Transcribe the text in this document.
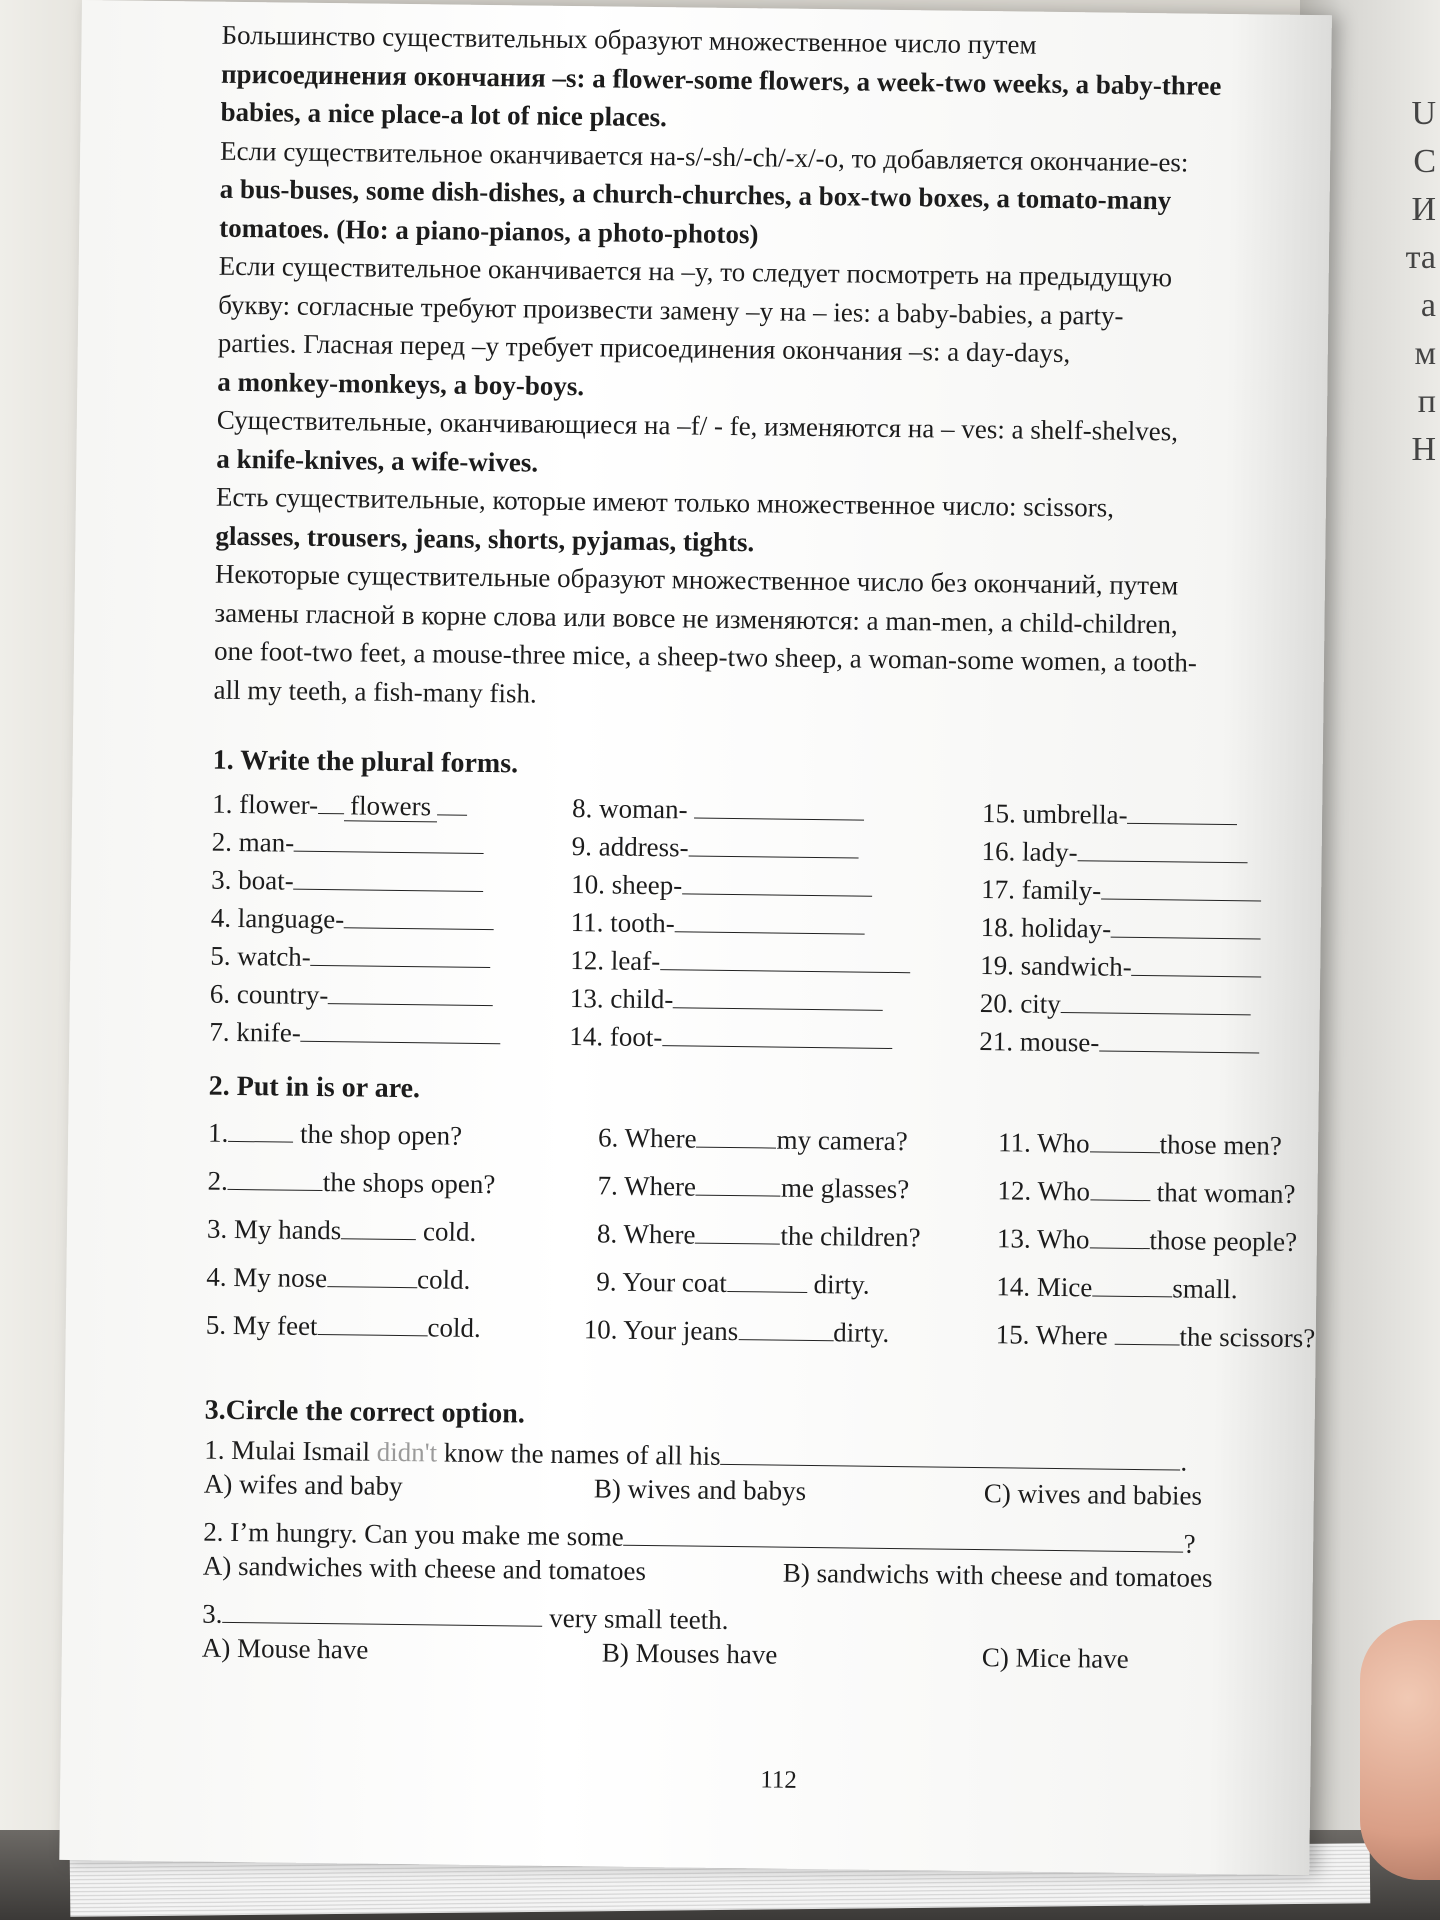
U
С
И
та
а
м
п
Н
Большинство существительных образуют множественное число путем
присоединения окончания –s: a flower-some flowers, a week-two weeks, a baby-three
babies, a nice place-a lot of nice places.
Если существительное оканчивается на-s/-sh/-ch/-x/-o, то добавляется окончание-es:
a bus-buses, some dish-dishes, a church-churches, a box-two boxes, a tomato-many
tomatoes. (Но: a piano-pianos, a photo-photos)
Если существительное оканчивается на –y, то следует посмотреть на предыдущую
букву: согласные требуют произвести замену –y на – ies: a baby-babies, a party-
parties. Гласная перед –y требует присоединения окончания –s: a day-days,
a monkey-monkeys, a boy-boys.
Существительные, оканчивающиеся на –f/ - fe, изменяются на – ves: a shelf-shelves,
a knife-knives, a wife-wives.
Есть существительные, которые имеют только множественное число: scissors,
glasses, trousers, jeans, shorts, pyjamas, tights.
Некоторые существительные образуют множественное число без окончаний, путем
замены гласной в корне слова или вовсе не изменяются: a man-men, a child-children,
one foot-two feet, a mouse-three mice, a sheep-two sheep, a woman-some women, a tooth-
all my teeth, a fish-many fish.
1. Write the plural forms.
1. flower- flowers
2. man-
3. boat-
4. language-
5. watch-
6. country-
7. knife-
8. woman-
9. address-
10. sheep-
11. tooth-
12. leaf-
13. child-
14. foot-
15. umbrella-
16. lady-
17. family-
18. holiday-
19. sandwich-
20. city
21. mouse-
2. Put in is or are.
1.	the shop open?
2.	the shops open?
3. My hands	cold.
4. My nose	cold.
5. My feet	cold.
6. Where	my camera?
7. Where	me glasses?
8. Where	the children?
9. Your coat	dirty.
10. Your jeans	dirty.
11. Who	those men?
12. Who that woman?
13. Who those people?
14. Mice	small.
15. Where	the scissors?
3.Circle the correct option.
1. Mulai Ismail didn't know the names of all his	.
A) wifes and baby	B) wives and babys	C) wives and babies
2. I’m hungry. Can you make me some	?
A) sandwiches with cheese and tomatoes	B) sandwichs with cheese and tomatoes
3.	very small teeth.
A) Mouse have	B) Mouses have	C) Mice have
112
